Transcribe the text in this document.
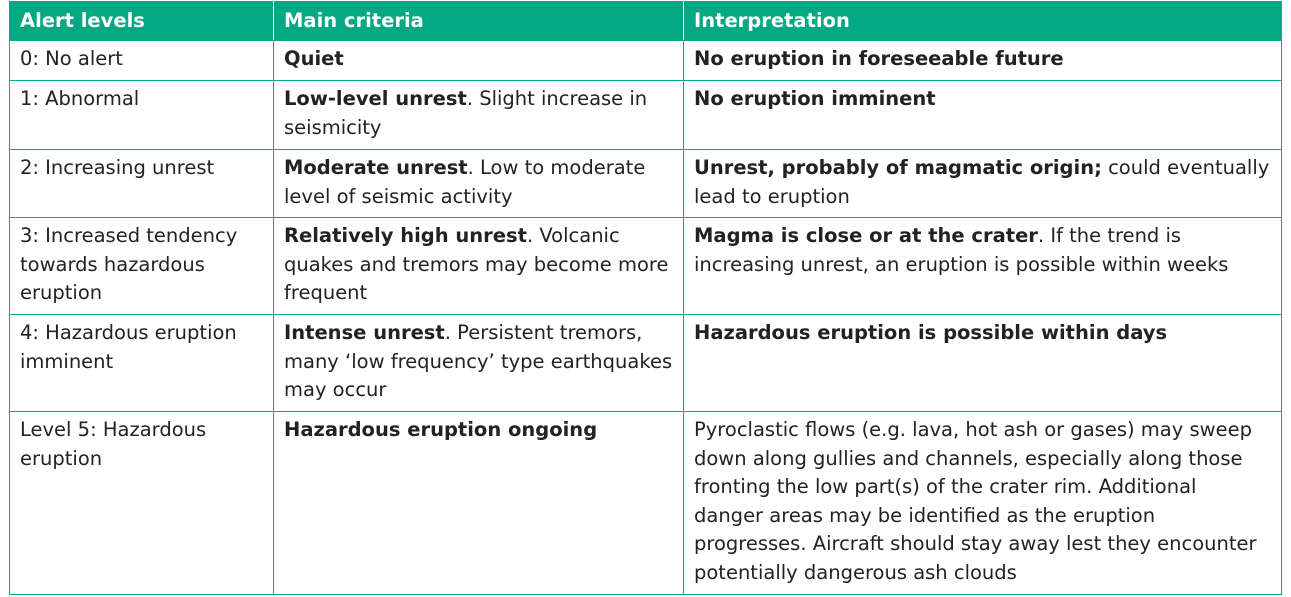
Alert levels	Main criteria	Interpretation
0: No alert	Quiet	No eruption in foreseeable future
1: Abnormal	Low-level unrest. Slight increase in seismicity	No eruption imminent
2: Increasing unrest	Moderate unrest. Low to moderate level of seismic activity	Unrest, probably of magmatic origin; could eventually lead to eruption
3: Increased tendency towards hazardous eruption	Relatively high unrest. Volcanic quakes and tremors may become more frequent	Magma is close or at the crater. If the trend is increasing unrest, an eruption is possible within weeks
4: Hazardous eruption imminent	Intense unrest. Persistent tremors, many ‘low frequency’ type earthquakes may occur	Hazardous eruption is possible within days
Level 5: Hazardous eruption	Hazardous eruption ongoing	Pyroclastic flows (e.g. lava, hot ash or gases) may sweep down along gullies and channels, especially along those fronting the low part(s) of the crater rim. Additional danger areas may be identified as the eruption progresses. Aircraft should stay away lest they encounter potentially dangerous ash clouds
